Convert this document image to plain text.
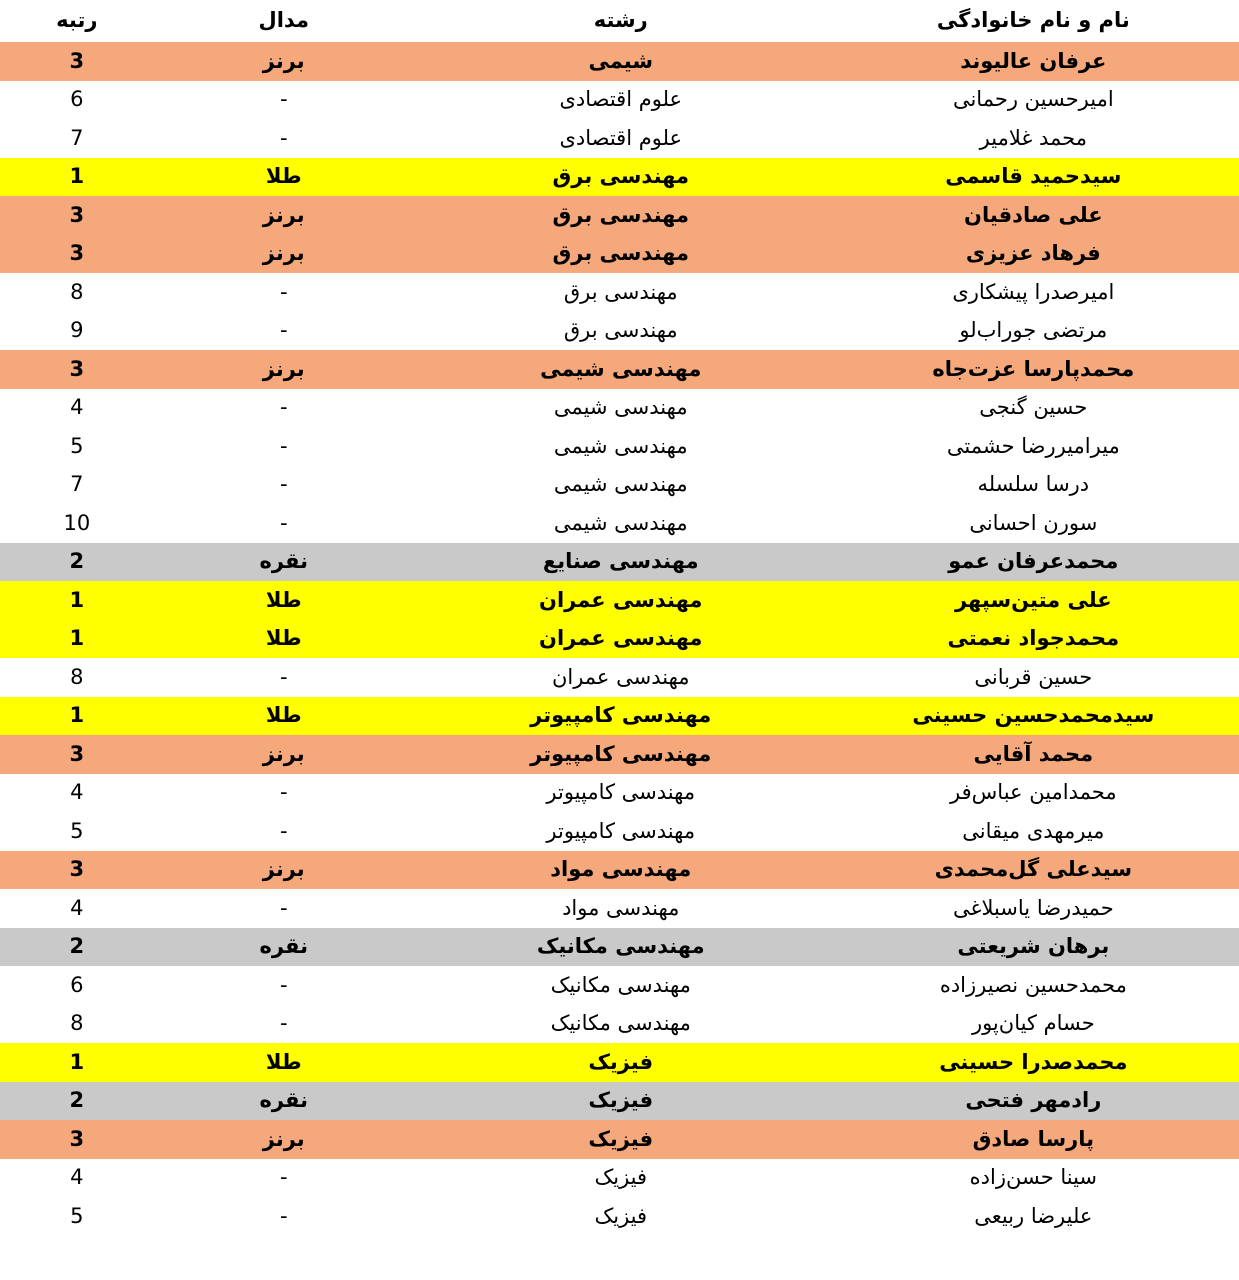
نام و نام خانوادگی	رشته	مدال	رتبه
عرفان عالیوند	شیمی	برنز	3
امیرحسین رحمانی	علوم اقتصادی	-	6
محمد غلامیر	علوم اقتصادی	-	7
سیدحمید قاسمی	مهندسی برق	طلا	1
علی صادقیان	مهندسی برق	برنز	3
فرهاد عزیزی	مهندسی برق	برنز	3
امیرصدرا پیشکاری	مهندسی برق	-	8
مرتضی جوراب‌لو	مهندسی برق	-	9
محمدپارسا عزت‌جاه	مهندسی شیمی	برنز	3
حسین گنجی	مهندسی شیمی	-	4
میرامیررضا حشمتی	مهندسی شیمی	-	5
درسا سلسله	مهندسی شیمی	-	7
سورن احسانی	مهندسی شیمی	-	10
محمدعرفان عمو	مهندسی صنایع	نقره	2
علی متین‌سپهر	مهندسی عمران	طلا	1
محمدجواد نعمتی	مهندسی عمران	طلا	1
حسین قربانی	مهندسی عمران	-	8
سیدمحمدحسین حسینی	مهندسی کامپیوتر	طلا	1
محمد آقایی	مهندسی کامپیوتر	برنز	3
محمدامین عباس‌فر	مهندسی کامپیوتر	-	4
میرمهدی میقانی	مهندسی کامپیوتر	-	5
سیدعلی گل‌محمدی	مهندسی مواد	برنز	3
حمیدرضا یاسبلاغی	مهندسی مواد	-	4
برهان شریعتی	مهندسی مکانیک	نقره	2
محمدحسین نصیرزاده	مهندسی مکانیک	-	6
حسام کیان‌پور	مهندسی مکانیک	-	8
محمدصدرا حسینی	فیزیک	طلا	1
رادمهر فتحی	فیزیک	نقره	2
پارسا صادق	فیزیک	برنز	3
سینا حسن‌زاده	فیزیک	-	4
علیرضا ربیعی	فیزیک	-	5
